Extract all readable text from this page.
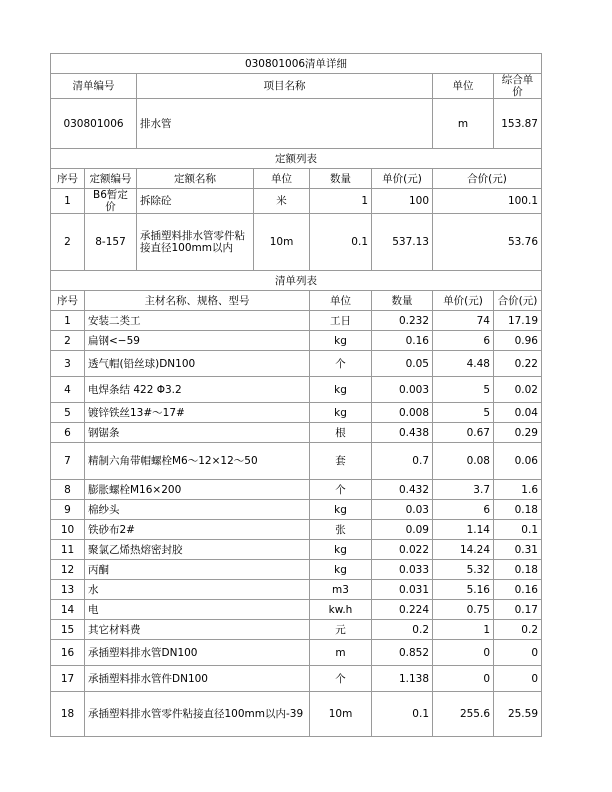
030801006清单详细							
清单编号		项目名称				单位	综合单价
030801006		排水管				m	153.87
定额列表							
序号	定额编号	定额名称	单位	数量	单价(元)	合价(元)	
1	B6暂定价	拆除砼	米	1	100	100.1	
2	8-157	承插塑料排水管零件粘接直径100mm以内	10m	0.1	537.13	53.76	
清单列表							
序号	主材名称、规格、型号			单位	数量	单价(元)	合价(元)
1	安装二类工			工日	0.232	74	17.19
2	扁钢<−59			kg	0.16	6	0.96
3	透气帽(铅丝球)DN100			个	0.05	4.48	0.22
4	电焊条结 422 Φ3.2			kg	0.003	5	0.02
5	镀锌铁丝13#～17#			kg	0.008	5	0.04
6	钢锯条			根	0.438	0.67	0.29
7	精制六角带帽螺栓M6～12×12～50			套	0.7	0.08	0.06
8	膨胀螺栓M16×200			个	0.432	3.7	1.6
9	棉纱头			kg	0.03	6	0.18
10	铁砂布2#			张	0.09	1.14	0.1
11	聚氯乙烯热熔密封胶			kg	0.022	14.24	0.31
12	丙酮			kg	0.033	5.32	0.18
13	水			m3	0.031	5.16	0.16
14	电			kw.h	0.224	0.75	0.17
15	其它材料费			元	0.2	1	0.2
16	承插塑料排水管DN100			m	0.852	0	0
17	承插塑料排水管件DN100			个	1.138	0	0
18	承插塑料排水管零件粘接直径100mm以内-39			10m	0.1	255.6	25.59
